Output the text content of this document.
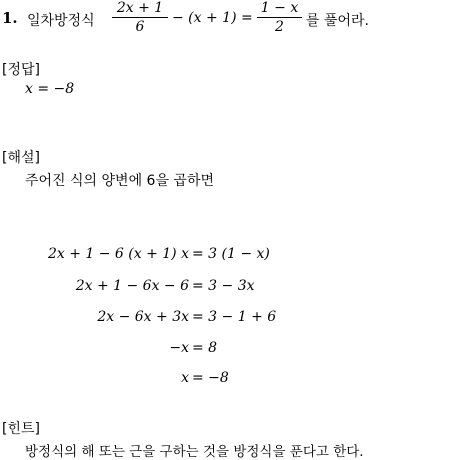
1. 일차방정식
2x + 1
6
− (x + 1) =
1 − x
2	를 풀어라.
[정답]
x = −8
[해설]
주어진 식의 양변에 6을 곱하면
2x + 1 − 6 (x + 1) x = 3 (1 − x)
2x + 1 − 6x − 6 = 3 − 3x
2x − 6x + 3x = 3 − 1 + 6
−x = 8
x = −8
[힌트]
방정식의 해 또는 근을 구하는 것을 방정식을 푼다고 한다.
